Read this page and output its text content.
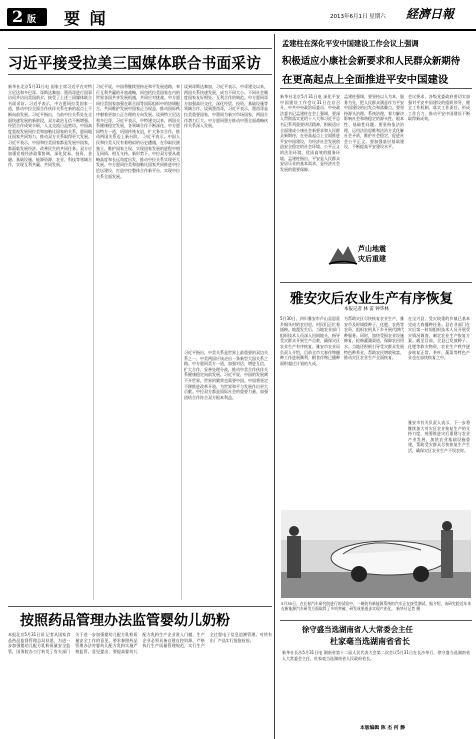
2 版 要 闻	2013年6月1日 星期六 経濟日報
习近平接受拉美三国媒体联合书面采访
新华社北京5月31日电 国家主席习近平在对特立尼达和多巴哥、哥斯达黎加、墨西哥进行国事访问并访问美国前夕，接受了上述三国媒体联合书面采访。习近平表示，中方愿同拉美国家一道，推动中拉全面合作伙伴关系在新的起点上不断向前发展。习近平指出，当前中拉关系处在全面快速发展的新阶段，双方政治互信不断增强，经贸合作成果丰硕，人文交流日益密切。中国高度重视发展同拉美和加勒比国家的关系，愿同地区国家共同努力，推动双方关系取得更大发展。习近平表示，中国和拉美国家都是发展中国家，都面临发展经济、改善民生的共同任务。双方应加强宏观经济政策协调，深化贸易、投资、金融、基础设施、能源资源、农业、科技等领域合作，实现互利共赢、共同发展。
习近平说，中国将继续坚持走和平发展道路，奉行互利共赢的开放战略，同包括拉美国家在内的世界各国共享发展机遇，共同应对挑战。中方愿同拉美国家加强在联合国等国际组织中的协调配合，共同维护发展中国家正当权益，推动国际秩序朝着更加公正合理的方向发展。谈到特立尼达和多巴哥，习近平表示，中特建交以来，两国关系健康稳定发展，各领域合作不断深化。中方愿同特方一道，巩固传统友谊，扩大务实合作，推动两国关系迈上新台阶。 习近平表示，中国人民和拉美人民有着相似的历史遭遇，在争取民族独立、维护国家主权、实现国家发展的进程中相互同情、相互支持。新形势下，中拉双方要从战略高度和长远角度出发，推动中拉关系实现更大发展。中方愿同拉美和加勒比国家共同推进中拉论坛建设，打造中拉整体合作新平台，实现中拉关系全面发展。
谈到哥斯达黎加，习近平表示，中哥建交以来，两国关系快速发展，成为不同大小、不同社会制度国家友好相处、互利合作的典范。中方愿同哥方加强高层交往，深化经贸、投资、基础设施等领域合作。谈到墨西哥，习近平表示，墨西哥是拉美重要国家，中墨同为新兴市场国家，两国合作潜力巨大。中方愿同墨方推动中墨全面战略伙伴关系深入发展。
习近平指出，中美关系是世界上最重要的双边关系之一。中美两国应该走出一条新型大国关系之路。中方愿同美方一道，加强对话，增进互信，扩大合作，妥善处理分歧，推动中美合作伙伴关系健康稳定向前发展。习近平说，中国的发展离不开世界，世界的繁荣也需要中国。中国将坚定不移推进改革开放，为世界和平与发展作出更大贡献。中拉双方都是国际社会的重要力量，加强团结合作符合双方根本利益。
孟建柱在深化平安中国建设工作会议上强调
积极适应小康社会新要求和人民群众新期待
在更高起点上全面推进平安中国建设
新华社北京5月31日电 深化平安中国建设工作会议31日在京召开。中共中央政治局委员、中央政法委书记孟建柱在会上强调，要深入贯彻落实党的十八大和习近平总书记系列重要讲话精神，积极适应全面建成小康社会新要求和人民群众新期待，在更高起点上全面推进平安中国建设，为经济社会发展创造安全稳定的社会环境、公平正义的法治环境、优质高效的服务环境。孟建柱指出，平安是人民群众安居乐业的基本需求，是经济社会发展的重要保障。
孟建柱强调，要坚持以人为本、服务为先，把人民群众满意作为平安中国建设的出发点和落脚点。要坚持源头治理、系统治理，着力解决影响社会和谐稳定的源头性、根本性、基础性问题。要坚持依法治理，运用法治思维和法治方式化解社会矛盾，维护社会稳定，促进社会公平正义。要加强基层基础建设，不断提高平安建设水平。
会议要求，各级党委政府要切实加强对平安中国建设的组织领导，健全工作机制，落实工作责任，形成工作合力，推动平安中国建设不断取得新成效。
芦山地震
灾后重建
雅安灾后农业生产有序恢复
本报记者 林 雷 钟华林
5月30日，四川雅安市芦山县思延乡铜头村的农田里，村民们正忙着插秧。地震发生后，当地农业部门组织技术人员深入田间地头，指导受灾群众开展生产自救，确保灾区农业生产有序恢复。雅安市农业局负责人介绍，目前全市大春作物播种工作进展顺利，粮食作物已播种面积超过计划的九成。
为帮助灾区尽快恢复农业生产，雅安市及时调拨种子、化肥、农药等农资，组织农机具下乡开展代耕代种服务。同时，加快受损农业设施修复，抢修灌溉渠道，保障农田用水。当地还积极引导受灾群众发展特色种养业，帮助农民增收致富，推动灾区农业生产全面恢复。
在宝兴县，受灾较重的乡镇已基本完成大春播种任务。县农业部门在灾后第一时间组织技术人员开展受灾情况调查，制定农业生产恢复方案。截至目前，全县已发放种子、化肥等救灾物资，农业生产秩序逐步恢复正常，茶叶、蔬菜等特色产业也在加快恢复之中。
雅安市有关负责人表示，下一步将继续加大对灾区农业恢复生产的支持力度，统筹推进灾后重建与农业产业发展，加快农业基础设施重建，帮助受灾群众尽快恢复生产生活，确保灾区农业生产不误农时。
5月30日，在长春汽车研究院进行的试验中，一辆装有新能源系统的汽车正在接受测试。据介绍，该研究院近年来在新能源汽车研发方面取得了多项突破，研发成果逐步实现产业化。 新华社记者 摄
按照药品管理办法监管婴幼儿奶粉
本报北京5月31日讯 记者从国家食品药品监督管理总局获悉，为进一步加强婴幼儿配方乳粉质量安全监管，国务院办公厅转发了有关部门关于进一步加强婴幼儿配方乳粉质量安全工作的意见，要求参照药品管理办法对婴幼儿配方乳粉实施严格监管。意见提出，要提高婴幼儿配方乳粉生产企业准入门槛，生产企业必须具备自建自控奶源，严格执行生产质量管理规范，实行生产全过程电子信息追溯管理，对所有出厂产品实行批批检验。
徐守盛当选湖南省人大常委会主任
杜家毫当选湖南省省长
新华社长沙5月31日电 湖南省第十二届人民代表大会第二次会议5月31日在长沙举行，徐守盛当选湖南省人大常委会主任，杜家毫当选湖南省人民政府省长。
本版编辑 陈 杰 何 静
